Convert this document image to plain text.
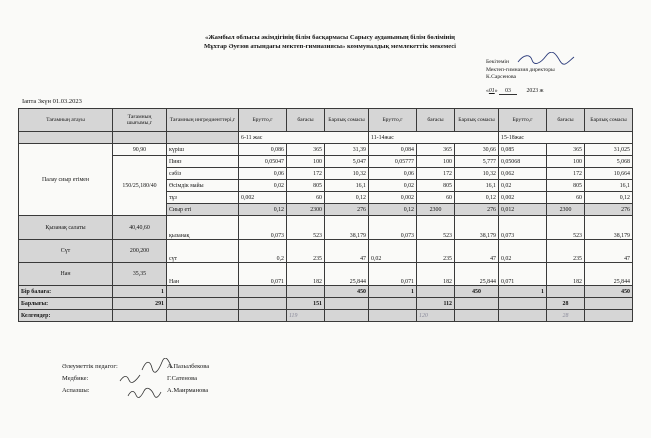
«Жамбыл облысы әкімдігінің білім басқармасы Сарысу ауданының білім бөлімінің
Мұхтар Әуезов атындағы мектеп-гимназиясы» коммуналдық мемлекеттік мекемесі
Бекітемін
Мектеп-гимназия директоры
К.Сарсенова
«01» 03	2023 ж
Іапта 3күн 01.03.2023
Тағамның атауы	Тағамның шығымы,г	Тағамның ингредиенттері,г	Брутто,г	бағасы	Барлық сомасы	Брутто,г	бағасы	Барлық сомасы	Брутто,г	бағасы	Барлық сомасы
			6-11 жас			11-14жас			15-18жас		
Палау сиыр етімен	90,90	күріш	0,086	365	31,39	0,084	365	30,66	0,085	365	31,025
	150/25,180/40	Пияз	0,05047	100	5,047	0,05777	100	5,777	0,05068	100	5,068
		сәбіз	0,06	172	10,32	0,06	172	10,32	0,062	172	10,664
		Өсімдік майы	0,02	805	16,1	0,02	805	16,1	0,02	805	16,1
		тұз	0,002	60	0,12	0,002	60	0,12	0,002	60	0,12
		Сиыр еті	0,12	2300	276	0,12	2300	276	0,012	2300	276
Қызанақ салаты	40,40,60	қызанақ	0,073	523	38,179	0,073	523	38,179	0,073	523	38,179
Сүт	200,200	сүт	0,2	235	47	0,02	235	47	0,02	235	47
Нан	35,35	Нан	0,071	182	25,844	0,071	182	25,844	0,071	182	25,844
Бір балаға:	1				450	1		450	1		450
Барлығы:	291			151			112			28	
Келгендер:				119			120			28	
Әлеуметтік педагог:	А.Пазылбекова
Медбике:	Г.Сатенова
Аспазшы:	А.Маирманова
